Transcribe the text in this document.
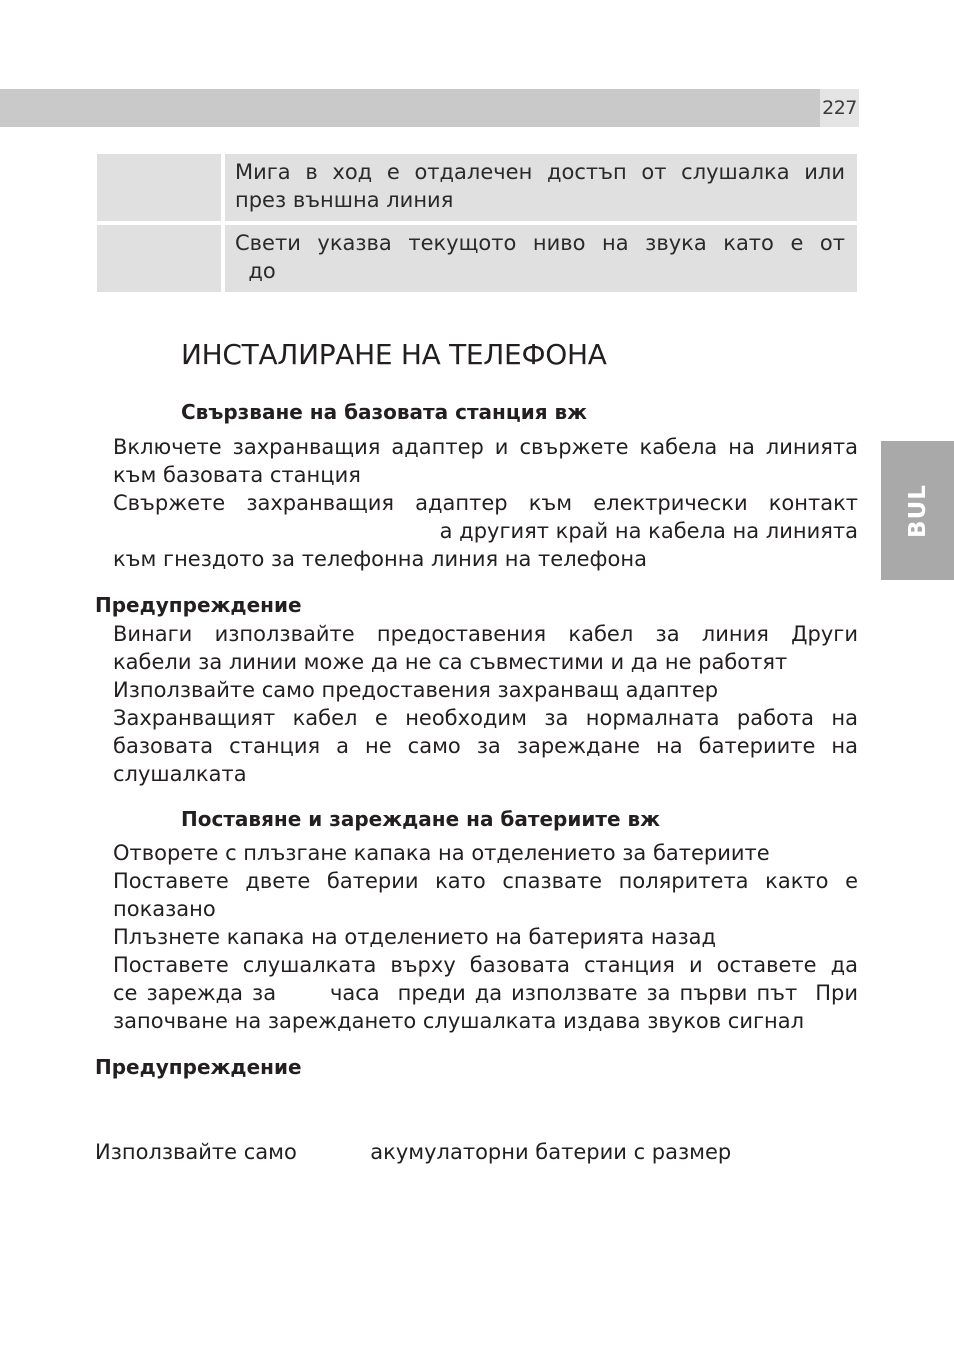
227
BUL
Мига в ход е отдалечен достъп от слушалка или
през външна линия
Свети указва текущото ниво на звука като е от
до
ИНСТАЛИРАНЕ НА ТЕЛЕФОНА
Свързване на базовата станция вж
Включете захранващия адаптер и свържете кабела на линията
към базовата станция
Свържете захранващия адаптер към електрически контакт
а другият край на кабела на линията
към гнездото за телефонна линия на телефона
Предупреждение
Винаги използвайте предоставения кабел за линия Други
кабели за линии може да не са съвместими и да не работят
Използвайте само предоставения захранващ адаптер
Захранващият кабел е необходим за нормалната работа на
базовата станция а не само за зареждане на батериите на
слушалката
Поставяне и зареждане на батериите вж
Отворете с плъзгане капака на отделението за батериите
Поставете двете батерии като спазвате поляритета както е
показано
Плъзнете капака на отделението на батерията назад
Поставете слушалката върху базовата станция и оставете да
се зарежда за      часа  преди да използвате за първи път  При
започване на зареждането слушалката издава звуков сигнал
Предупреждение

Използвайте само           акумулаторни батерии с размер
